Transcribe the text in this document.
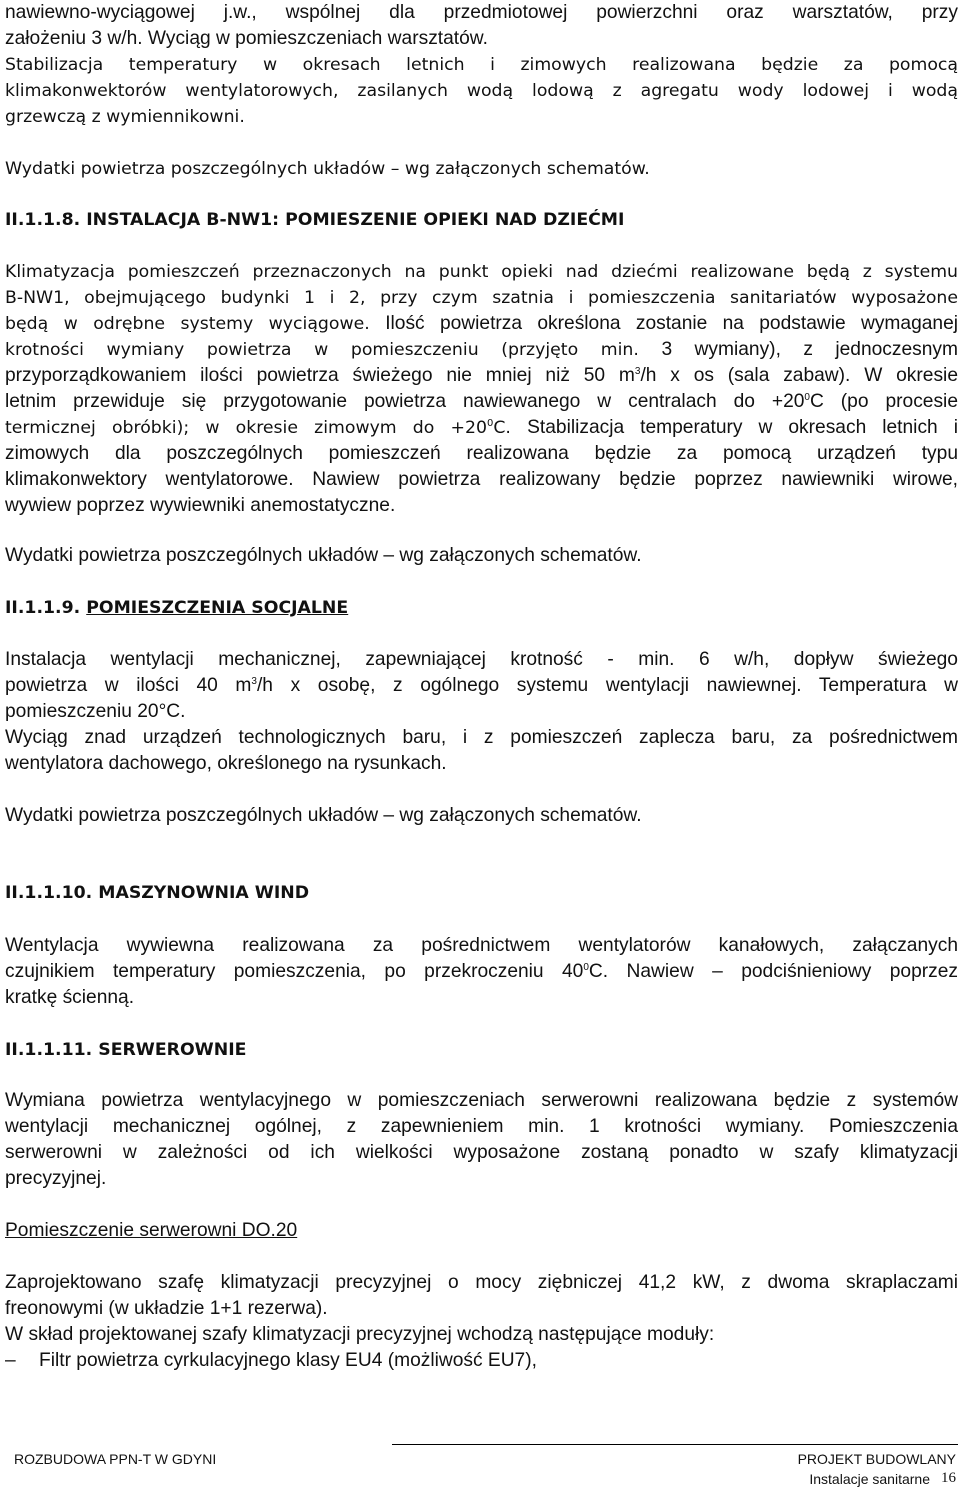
nawiewno-wyciągowej j.w., wspólnej dla przedmiotowej powierzchni oraz warsztatów, przy
założeniu 3 w/h. Wyciąg w pomieszczeniach warsztatów.
Stabilizacja temperatury w okresach letnich i zimowych realizowana będzie za pomocą
klimakonwektorów wentylatorowych, zasilanych wodą lodową z agregatu wody lodowej i wodą
grzewczą z wymiennikowni.
Wydatki powietrza poszczególnych układów – wg załączonych schematów.
II.1.1.8. INSTALACJA B-NW1: POMIESZENIE OPIEKI NAD DZIEĆMI
Klimatyzacja pomieszczeń przeznaczonych na punkt opieki nad dziećmi realizowane będą z systemu
B-NW1, obejmującego budynki 1 i 2, przy czym szatnia i pomieszczenia sanitariatów wyposażone
będą w odrębne systemy wyciągowe. Ilość powietrza określona zostanie na podstawie wymaganej
krotności wymiany powietrza w pomieszczeniu (przyjęto min. 3 wymiany), z jednoczesnym
przyporządkowaniem ilości powietrza świeżego nie mniej niż 50 $m^3/h$ x os (sala zabaw). W okresie
letnim przewiduje się przygotowanie powietrza nawiewanego w centralach do $+20^0C$ (po procesie
termicznej obróbki); w okresie zimowym do $+20^0C$. Stabilizacja temperatury w okresach letnich i
zimowych dla poszczególnych pomieszczeń realizowana będzie za pomocą urządzeń typu
klimakonwektory wentylatorowe. Nawiew powietrza realizowany będzie poprzez nawiewniki wirowe,
wywiew poprzez wywiewniki anemostatyczne.
Wydatki powietrza poszczególnych układów – wg załączonych schematów.
II.1.1.9. POMIESZCZENIA SOCJALNE
Instalacja wentylacji mechanicznej, zapewniającej krotność - min. 6 w/h, dopływ świeżego
powietrza w ilości 40 $m^3/h$ x osobę, z ogólnego systemu wentylacji nawiewnej. Temperatura w
pomieszczeniu 20°C.
Wyciąg znad urządzeń technologicznych baru, i z pomieszczeń zaplecza baru, za pośrednictwem
wentylatora dachowego, określonego na rysunkach.
Wydatki powietrza poszczególnych układów – wg załączonych schematów.
II.1.1.10. MASZYNOWNIA WIND
Wentylacja wywiewna realizowana za pośrednictwem wentylatorów kanałowych, załączanych
czujnikiem temperatury pomieszczenia, po przekroczeniu $40^0C$. Nawiew – podciśnieniowy poprzez
kratkę ścienną.
II.1.1.11. SERWEROWNIE
Wymiana powietrza wentylacyjnego w pomieszczeniach serwerowni realizowana będzie z systemów
wentylacji mechanicznej ogólnej, z zapewnieniem min. 1 krotności wymiany. Pomieszczenia
serwerowni w zależności od ich wielkości wyposażone zostaną ponadto w szafy klimatyzacji
precyzyjnej.
Pomieszczenie serwerowni DO.20
Zaprojektowano szafę klimatyzacji precyzyjnej o mocy ziębniczej 41,2 kW, z dwoma skraplaczami
freonowymi (w układzie 1+1 rezerwa).
W skład projektowanej szafy klimatyzacji precyzyjnej wchodzą następujące moduły:
–	Filtr powietrza cyrkulacyjnego klasy EU4 (możliwość EU7),
ROZBUDOWA PPN-T W GDYNI	PROJEKT BUDOWLANY
Instalacje sanitarne 16
